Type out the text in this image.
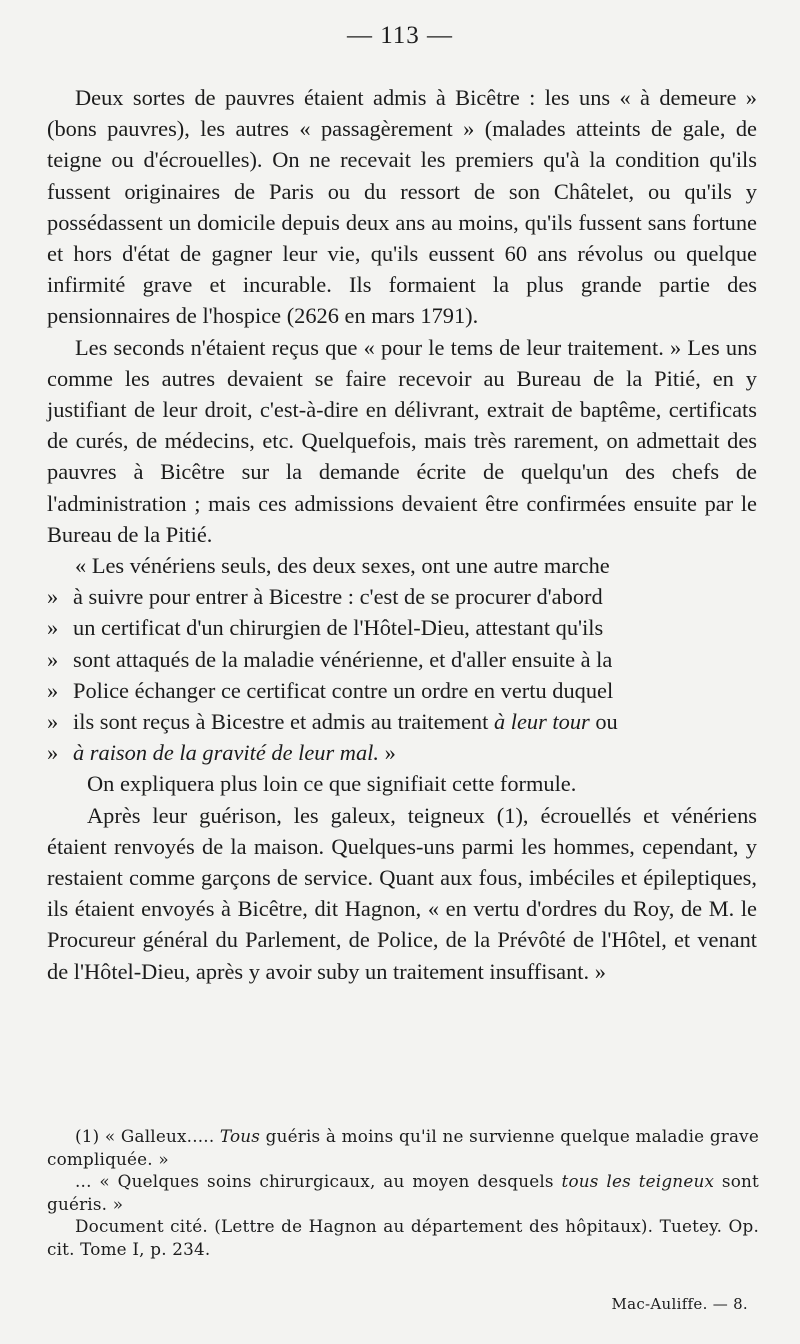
— 113 —

Deux sortes de pauvres étaient admis à Bicêtre : les uns « à demeure » (bons pauvres), les autres « passagèrement » (malades atteints de gale, de teigne ou d'écrouelles). On ne recevait les premiers qu'à la condition qu'ils fussent originaires de Paris ou du ressort de son Châtelet, ou qu'ils y possédassent un domicile depuis deux ans au moins, qu'ils fussent sans fortune et hors d'état de gagner leur vie, qu'ils eussent 60 ans révolus ou quelque infirmité grave et incurable. Ils formaient la plus grande partie des pensionnaires de l'hospice (2626 en mars 1791).

Les seconds n'étaient reçus que « pour le tems de leur traitement. » Les uns comme les autres devaient se faire recevoir au Bureau de la Pitié, en y justifiant de leur droit, c'est-à-dire en délivrant, extrait de baptême, certificats de curés, de médecins, etc. Quelquefois, mais très rarement, on admettait des pauvres à Bicêtre sur la demande écrite de quelqu'un des chefs de l'administration ; mais ces admissions devaient être confirmées ensuite par le Bureau de la Pitié.

« Les vénériens seuls, des deux sexes, ont une autre marche
» à suivre pour entrer à Bicestre : c'est de se procurer d'abord
» un certificat d'un chirurgien de l'Hôtel-Dieu, attestant qu'ils
» sont attaqués de la maladie vénérienne, et d'aller ensuite à la
» Police échanger ce certificat contre un ordre en vertu duquel
» ils sont reçus à Bicestre et admis au traitement à leur tour ou
» à raison de la gravité de leur mal. »

On expliquera plus loin ce que signifiait cette formule.

Après leur guérison, les galeux, teigneux (1), écrouellés et vénériens étaient renvoyés de la maison. Quelques-uns parmi les hommes, cependant, y restaient comme garçons de service. Quant aux fous, imbéciles et épileptiques, ils étaient envoyés à Bicêtre, dit Hagnon, « en vertu d'ordres du Roy, de M. le Procureur général du Parlement, de Police, de la Prévôté de l'Hôtel, et venant de l'Hôtel-Dieu, après y avoir suby un traitement insuffisant. »

(1) « Galleux..... Tous guéris à moins qu'il ne survienne quelque maladie grave compliquée. »

... « Quelques soins chirurgicaux, au moyen desquels tous les teigneux sont guéris. »

Document cité. (Lettre de Hagnon au département des hôpitaux). Tuetey. Op. cit. Tome I, p. 234.

Mac-Auliffe. — 8.
